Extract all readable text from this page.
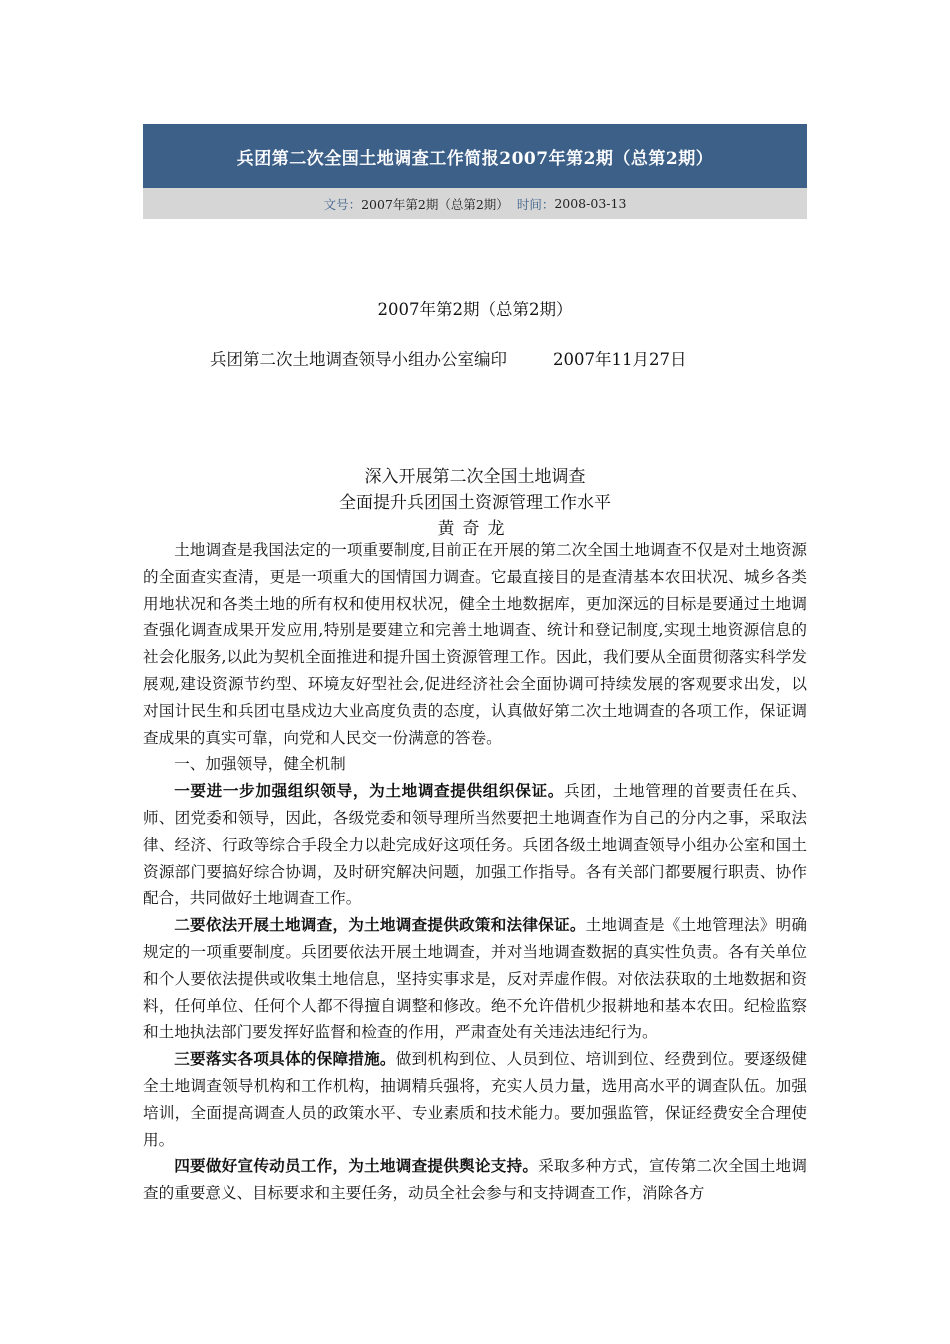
兵团第二次全国土地调查工作简报2007年第2期（总第2期）
文号： 2007年第2期（总第2期） 时间： 2008-03-13
2007年第2期（总第2期）
兵团第二次土地调查领导小组办公室编印	2007年11月27日
深入开展第二次全国土地调查
全面提升兵团国土资源管理工作水平
黄奇龙

土地调查是我国法定的一项重要制度,目前正在开展的第二次全国土地调查不仅是对土地资源的全面查实查清，更是一项重大的国情国力调查。它最直接目的是查清基本农田状况、城乡各类用地状况和各类土地的所有权和使用权状况，健全土地数据库，更加深远的目标是要通过土地调查强化调查成果开发应用,特别是要建立和完善土地调查、统计和登记制度,实现土地资源信息的社会化服务,以此为契机全面推进和提升国土资源管理工作。因此，我们要从全面贯彻落实科学发展观,建设资源节约型、环境友好型社会,促进经济社会全面协调可持续发展的客观要求出发，以对国计民生和兵团屯垦戍边大业高度负责的态度，认真做好第二次土地调查的各项工作，保证调查成果的真实可靠，向党和人民交一份满意的答卷。

一、加强领导，健全机制

一要进一步加强组织领导，为土地调查提供组织保证。兵团，土地管理的首要责任在兵、师、团党委和领导，因此，各级党委和领导理所当然要把土地调查作为自己的分内之事，采取法律、经济、行政等综合手段全力以赴完成好这项任务。兵团各级土地调查领导小组办公室和国土资源部门要搞好综合协调，及时研究解决问题，加强工作指导。各有关部门都要履行职责、协作配合，共同做好土地调查工作。

二要依法开展土地调查，为土地调查提供政策和法律保证。土地调查是《土地管理法》明确规定的一项重要制度。兵团要依法开展土地调查，并对当地调查数据的真实性负责。各有关单位和个人要依法提供或收集土地信息，坚持实事求是，反对弄虚作假。对依法获取的土地数据和资料，任何单位、任何个人都不得擅自调整和修改。绝不允许借机少报耕地和基本农田。纪检监察和土地执法部门要发挥好监督和检查的作用，严肃查处有关违法违纪行为。

三要落实各项具体的保障措施。做到机构到位、人员到位、培训到位、经费到位。要逐级健全土地调查领导机构和工作机构，抽调精兵强将，充实人员力量，选用高水平的调查队伍。加强培训，全面提高调查人员的政策水平、专业素质和技术能力。要加强监管，保证经费安全合理使用。

四要做好宣传动员工作，为土地调查提供舆论支持。采取多种方式，宣传第二次全国土地调查的重要意义、目标要求和主要任务，动员全社会参与和支持调查工作，消除各方
